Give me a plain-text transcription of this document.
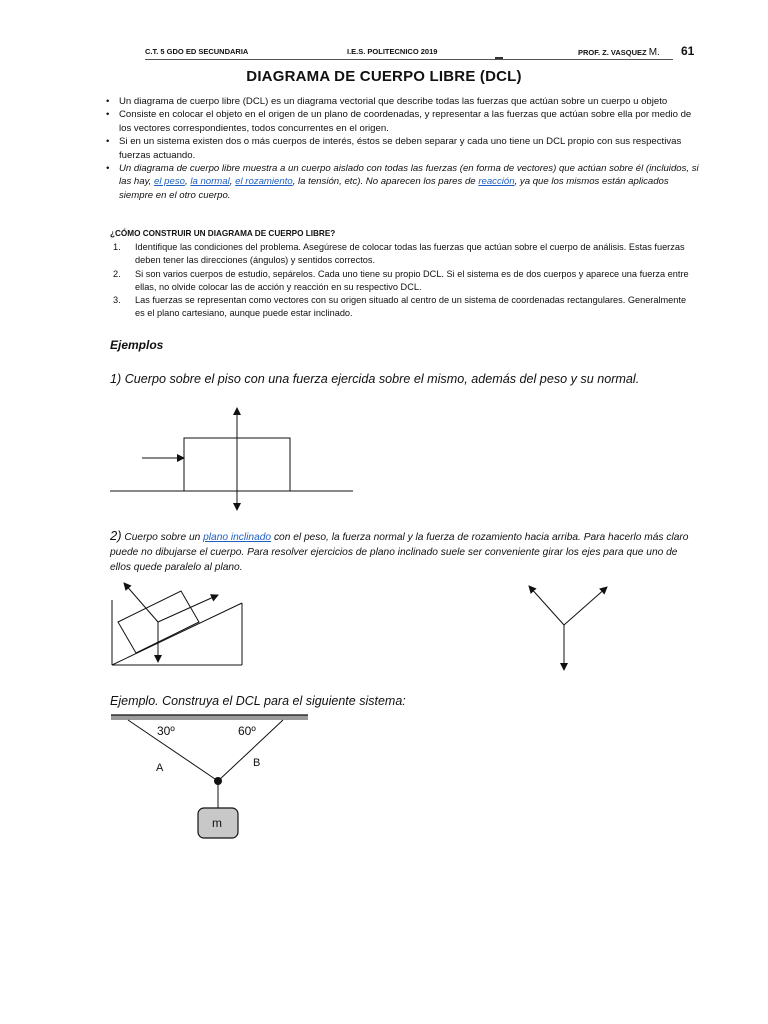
C.T. 5 GDO ED SECUNDARIA	I.E.S. POLITECNICO 2019	PROF. Z. VASQUEZ M. 61
DIAGRAMA DE CUERPO LIBRE (DCL)
• Un diagrama de cuerpo libre (DCL) es un diagrama vectorial que describe todas las fuerzas que actúan sobre un cuerpo u objeto
• Consiste en colocar el objeto en el origen de un plano de coordenadas, y representar a las fuerzas que actúan sobre ella por medio de los vectores correspondientes, todos concurrentes en el origen.
• Si en un sistema existen dos o más cuerpos de interés, éstos se deben separar y cada uno tiene un DCL propio con sus respectivas fuerzas actuando.
• Un diagrama de cuerpo libre muestra a un cuerpo aislado con todas las fuerzas (en forma de vectores) que actúan sobre él (incluidos, si las hay, el peso, la normal, el rozamiento, la tensión, etc). No aparecen los pares de reacción, ya que los mismos están aplicados siempre en el otro cuerpo.
¿CÓMO CONSTRUIR UN DIAGRAMA DE CUERPO LIBRE?
1. Identifique las condiciones del problema. Asegúrese de colocar todas las fuerzas que actúan sobre el cuerpo de análisis. Estas fuerzas deben tener las direcciones (ángulos) y sentidos correctos.
2. Si son varios cuerpos de estudio, sepárelos. Cada uno tiene su propio DCL. Si el sistema es de dos cuerpos y aparece una fuerza entre ellas, no olvide colocar las de acción y reacción en su respectivo DCL.
3. Las fuerzas se representan como vectores con su origen situado al centro de un sistema de coordenadas rectangulares. Generalmente es el plano cartesiano, aunque puede estar inclinado.
Ejemplos
1) Cuerpo sobre el piso con una fuerza ejercida sobre el mismo, además del peso y su normal.
2) Cuerpo sobre un plano inclinado con el peso, la fuerza normal y la fuerza de rozamiento hacia arriba. Para hacerlo más claro puede no dibujarse el cuerpo. Para resolver ejercicios de plano inclinado suele ser conveniente girar los ejes para que uno de ellos quede paralelo al plano.
Ejemplo. Construya el DCL para el siguiente sistema:
30º	60º
A	B
m
